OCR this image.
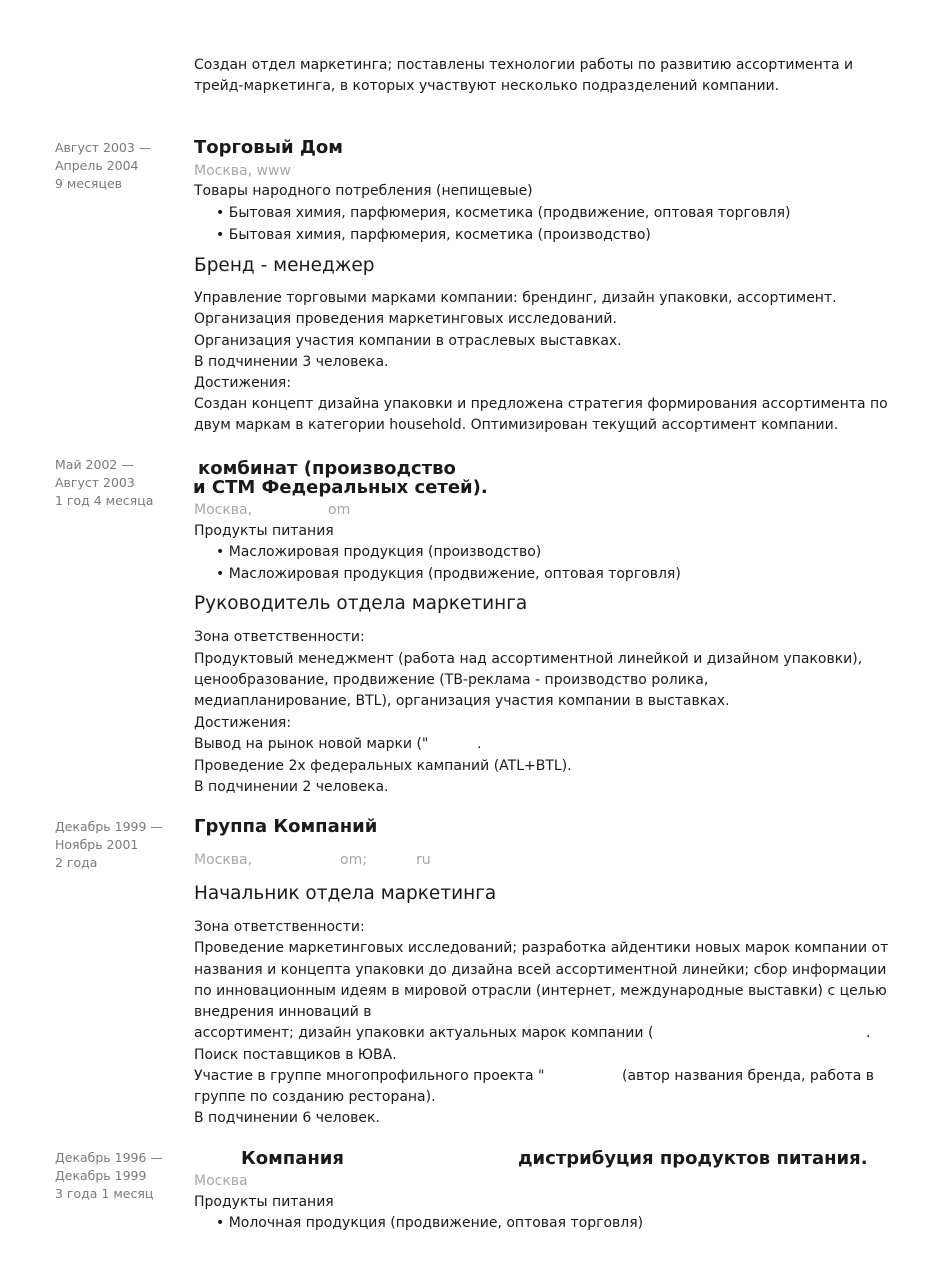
Создан отдел маркетинга; поставлены технологии работы по развитию ассортимента и
трейд-маркетинга, в которых участвуют несколько подразделений компании.
Август 2003 —
Апрель 2004
9 месяцев
Торговый Дом
Москва, www
Товары народного потребления (непищевые)
• Бытовая химия, парфюмерия, косметика (продвижение, оптовая торговля)
• Бытовая химия, парфюмерия, косметика (производство)
Бренд - менеджер
Управление торговыми марками компании: брендинг, дизайн упаковки, ассортимент.
Организация проведения маркетинговых исследований.
Организация участия компании в отраслевых выставках.
В подчинении 3 человека.
Достижения:
Создан концепт дизайна упаковки и предложена стратегия формирования ассортимента по
двум маркам в категории household. Оптимизирован текущий ассортимент компании.
Май 2002 —
Август 2003
1 год 4 месяца
комбинат (производство
и СТМ Федеральных сетей).
Москва,	om
Продукты питания
• Масложировая продукция (производство)
• Масложировая продукция (продвижение, оптовая торговля)
Руководитель отдела маркетинга
Зона ответственности:
Продуктовый менеджмент (работа над ассортиментной линейкой и дизайном упаковки),
ценообразование, продвижение (ТВ-реклама - производство ролика,
медиапланирование, BTL), организация участия компании в выставках.
Достижения:
Вывод на рынок новой марки ("	.
Проведение 2х федеральных кампаний (ATL+BTL).
В подчинении 2 человека.
Декабрь 1999 —
Ноябрь 2001
2 года
Группа Компаний
Москва,	om;	ru
Начальник отдела маркетинга
Зона ответственности:
Проведение маркетинговых исследований; разработка айдентики новых марок компании от
названия и концепта упаковки до дизайна всей ассортиментной линейки; сбор информации
по инновационным идеям в мировой отрасли (интернет, международные выставки) с целью
внедрения инноваций в
ассортимент; дизайн упаковки актуальных марок компании (	.
Поиск поставщиков в ЮВА.
Участие в группе многопрофильного проекта "	(автор названия бренда, работа в
группе по созданию ресторана).
В подчинении 6 человек.
Декабрь 1996 —
Декабрь 1999
3 года 1 месяц
Компания	дистрибуция продуктов питания.
Москва
Продукты питания
• Молочная продукция (продвижение, оптовая торговля)
